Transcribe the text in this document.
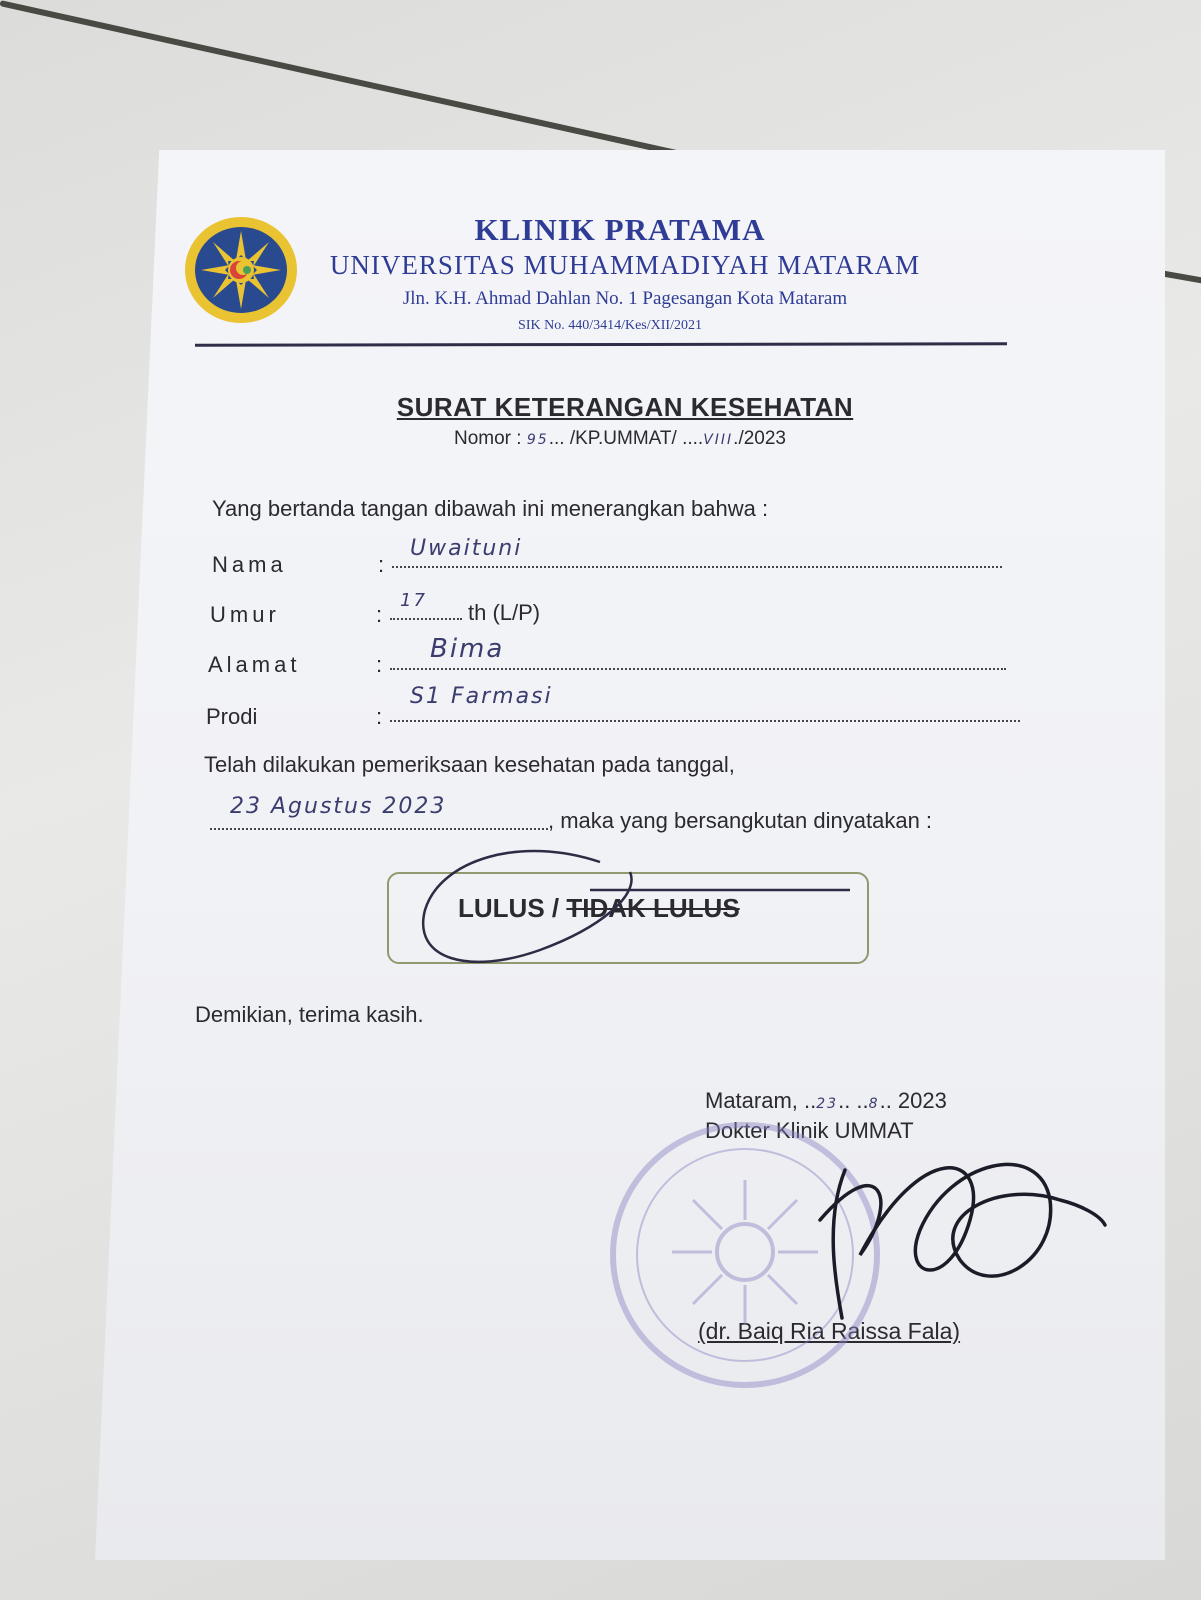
KLINIK PRATAMA
UNIVERSITAS MUHAMMADIYAH MATARAM
Jln. K.H. Ahmad Dahlan No. 1 Pagesangan Kota Mataram
SIK No. 440/3414/Kes/XII/2021
SURAT KETERANGAN KESEHATAN
Nomor : 95... /KP.UMMAT/ ....VIII./2023
Yang bertanda tangan dibawah ini menerangkan bahwa :
Nama	:
Uwaituni
Umur	:
17 th (L/P)
Alamat	:
Bima
Prodi	:
S1 Farmasi
Telah dilakukan pemeriksaan kesehatan pada tanggal,
23 Agustus 2023
, maka yang bersangkutan dinyatakan :
LULUS / TIDAK LULUS
Demikian, terima kasih.
Mataram, ..23.. ..8.. 2023
Dokter Klinik UMMAT
(dr. Baiq Ria Raissa Fala)
